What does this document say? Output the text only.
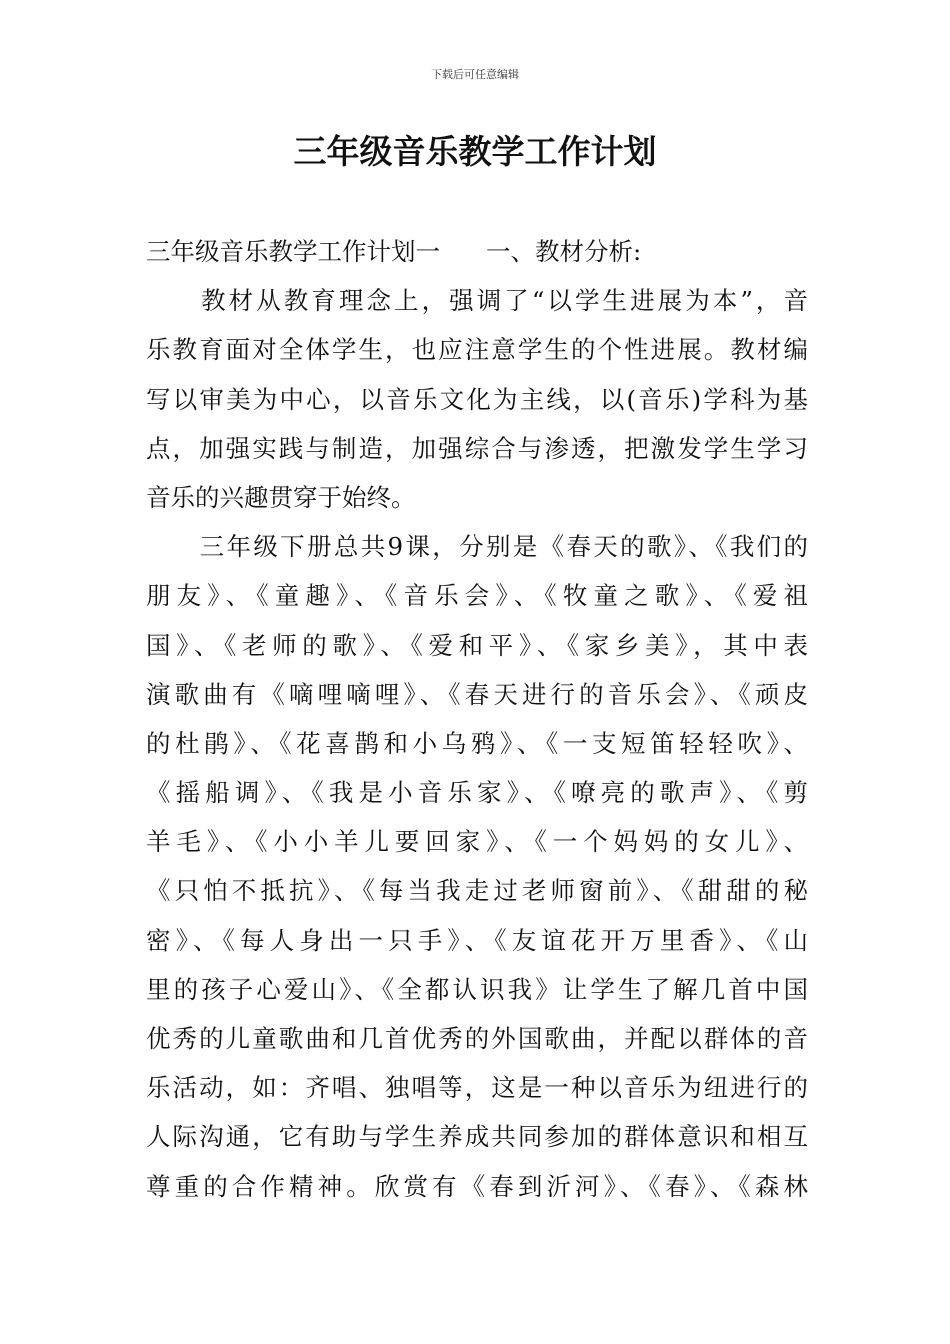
下载后可任意编辑
三年级音乐教学工作计划
三年级音乐教学工作计划一 一、教材分析:
　　教材从教育理念上，强调了“以学生进展为本”，音
乐教育面对全体学生，也应注意学生的个性进展。教材编
写以审美为中心，以音乐文化为主线，以(音乐)学科为基
点，加强实践与制造，加强综合与渗透，把激发学生学习
音乐的兴趣贯穿于始终。
　　三年级下册总共9课，分别是《春天的歌》、《我们的
朋友》、《童趣》、《音乐会》、《牧童之歌》、《爱祖
国》、《老师的歌》、《爱和平》、《家乡美》，其中表
演歌曲有《嘀哩嘀哩》、《春天进行的音乐会》、《顽皮
的杜鹃》、《花喜鹊和小乌鸦》、《一支短笛轻轻吹》、
《摇船调》、《我是小音乐家》、《嘹亮的歌声》、《剪
羊毛》、《小小羊儿要回家》、《一个妈妈的女儿》、
《只怕不抵抗》、《每当我走过老师窗前》、《甜甜的秘
密》、《每人身出一只手》、《友谊花开万里香》、《山
里的孩子心爱山》、《全都认识我》让学生了解几首中国
优秀的儿童歌曲和几首优秀的外国歌曲，并配以群体的音
乐活动，如：齐唱、独唱等，这是一种以音乐为纽进行的
人际沟通，它有助与学生养成共同参加的群体意识和相互
尊重的合作精神。欣赏有《春到沂河》、《春》、《森林
